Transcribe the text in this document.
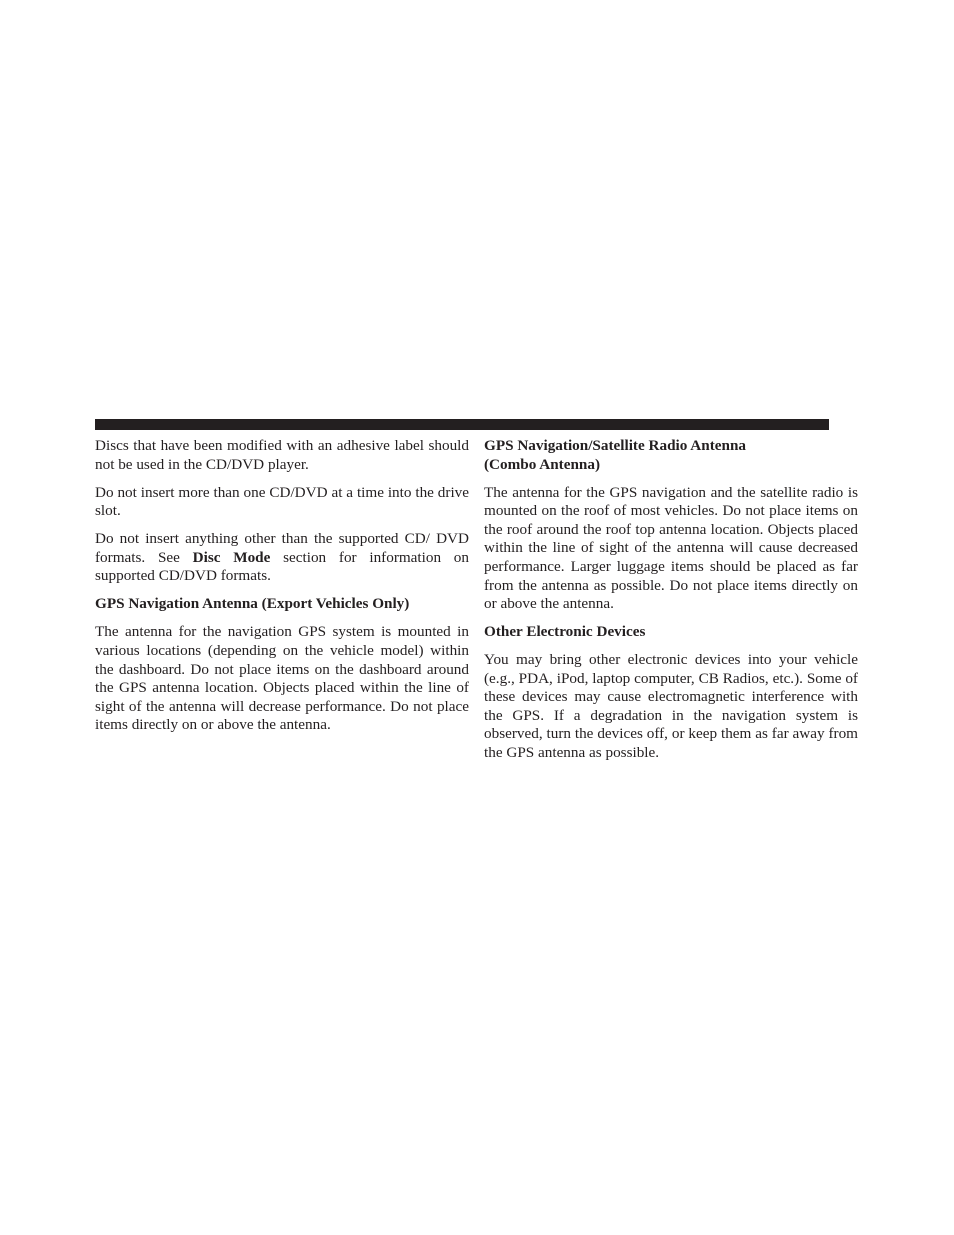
Discs that have been modified with an adhesive label should not be used in the CD/DVD player.

Do not insert more than one CD/DVD at a time into the drive slot.

Do not insert anything other than the supported CD/ DVD formats. See Disc Mode section for information on supported CD/DVD formats.

GPS Navigation Antenna (Export Vehicles Only)

The antenna for the navigation GPS system is mounted in various locations (depending on the vehicle model) within the dashboard. Do not place items on the dashboard around the GPS antenna location. Objects placed within the line of sight of the antenna will decrease performance. Do not place items directly on or above the antenna.

GPS Navigation/Satellite Radio Antenna
(Combo Antenna)

The antenna for the GPS navigation and the satellite radio is mounted on the roof of most vehicles. Do not place items on the roof around the roof top antenna location. Objects placed within the line of sight of the antenna will cause decreased performance. Larger luggage items should be placed as far from the antenna as possible. Do not place items directly on or above the antenna.

Other Electronic Devices

You may bring other electronic devices into your vehicle (e.g., PDA, iPod, laptop computer, CB Radios, etc.). Some of these devices may cause electromagnetic interference with the GPS. If a degradation in the navigation system is observed, turn the devices off, or keep them as far away from the GPS antenna as possible.
